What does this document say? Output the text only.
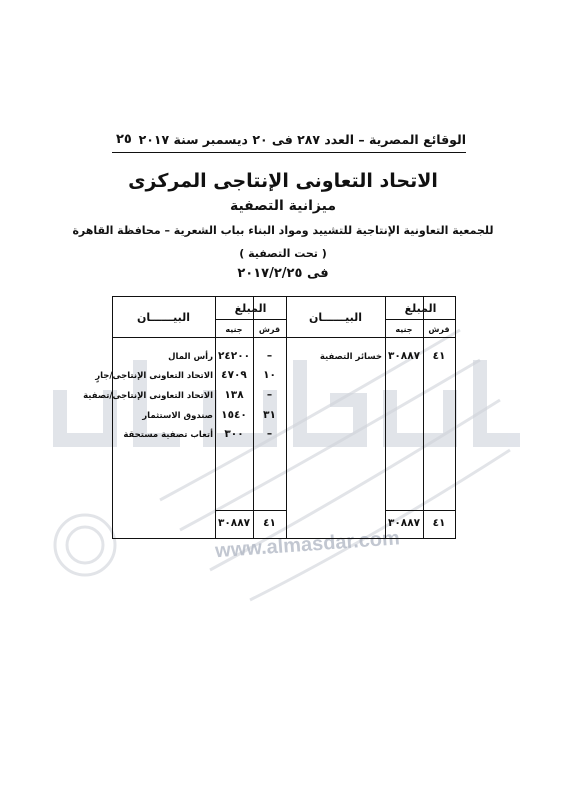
www.almasdar.com
الوقائع المصرية – العدد ٢٨٧ فى ٢٠ ديسمبر سنة ٢٠١٧
٢٥
الاتحاد التعاونى الإنتاجى المركزى
ميزانية التصفية
للجمعية التعاونية الإنتاجية للتشييد ومواد البناء بباب الشعرية – محافظة القاهرة
( تحت التصفية )
فى ٢٠١٧/٢/٢٥
المبلغ
قرش
جنيه
البيــــــان
المبلغ
قرش
جنيه
البيــــــان
٤١
٣٠٨٨٧
خسائر التصفية
–
٢٤٢٠٠
رأس المال
١٠
٤٧٠٩
الاتحاد التعاونى الإنتاجى/جارٍ
–
١٣٨
الاتحاد التعاونى الإنتاجى/تصفية
٣١
١٥٤٠
صندوق الاستثمار
–
٣٠٠
أتعاب تصفية مستحقة
٤١
٣٠٨٨٧
٤١
٣٠٨٨٧
